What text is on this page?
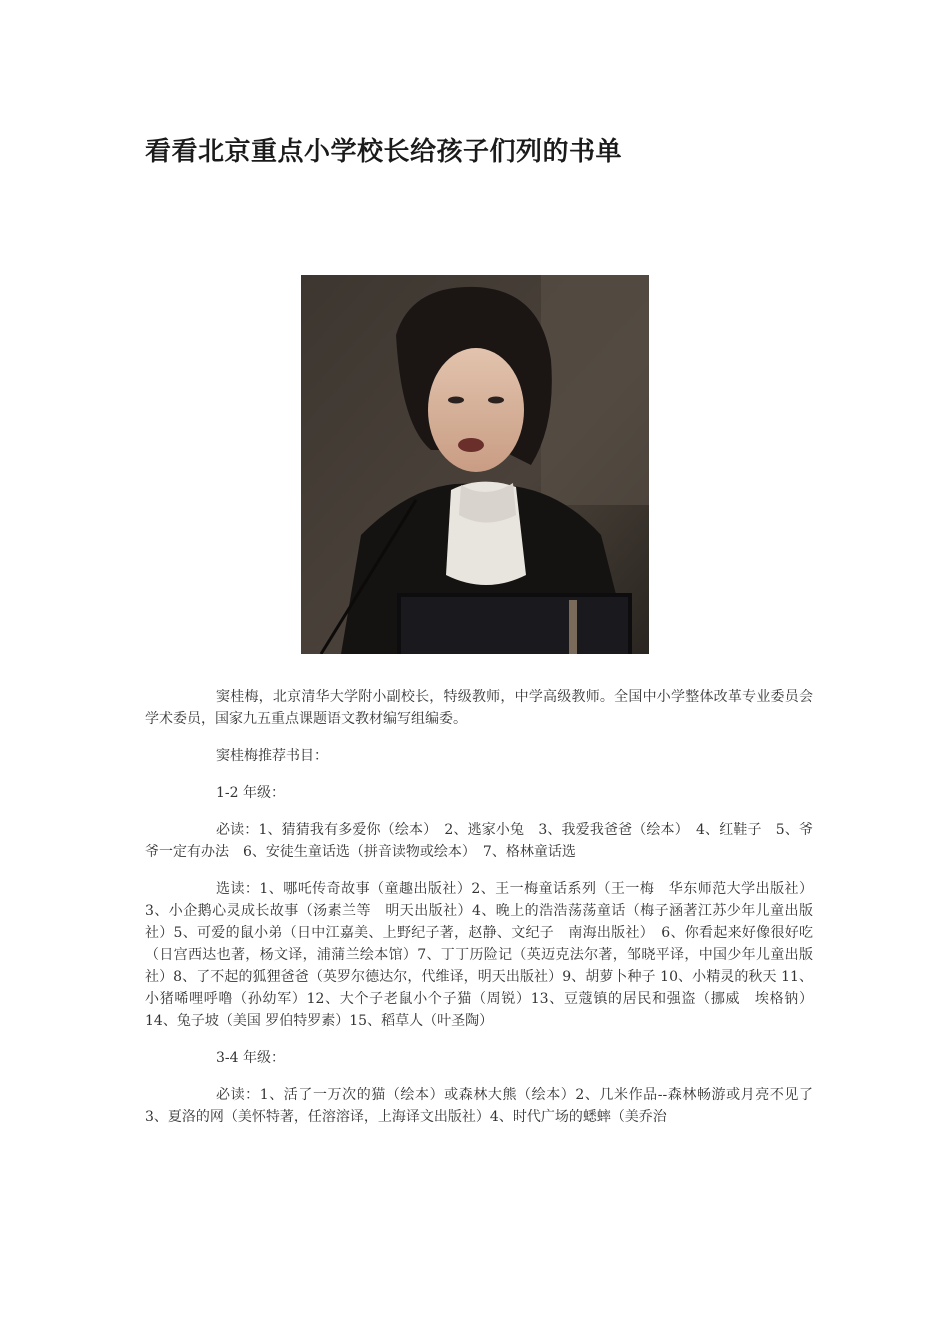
看看北京重点小学校长给孩子们列的书单

窦桂梅，北京清华大学附小副校长，特级教师，中学高级教师。全国中小学整体改革专业委员会学术委员，国家九五重点课题语文教材编写组编委。

窦桂梅推荐书目：

1-2 年级：

必读：1、猜猜我有多爱你（绘本）　2、逃家小兔　3、我爱我爸爸（绘本）　4、红鞋子　5、爷爷一定有办法　6、安徒生童话选（拼音读物或绘本）　7、格林童话选

选读：1、哪吒传奇故事（童趣出版社）2、王一梅童话系列（王一梅　华东师范大学出版社）3、小企鹅心灵成长故事（汤素兰等　明天出版社）4、晚上的浩浩荡荡童话（梅子涵著江苏少年儿童出版社）5、可爱的鼠小弟（日中江嘉美、上野纪子著，赵静、文纪子　南海出版社）　6、你看起来好像很好吃（日宫西达也著，杨文译，浦蒲兰绘本馆）7、丁丁历险记（英迈克法尔著，邹晓平译，中国少年儿童出版社）8、了不起的狐狸爸爸（英罗尔德达尔，代维译，明天出版社）9、胡萝卜种子 10、小精灵的秋天 11、小猪唏哩呼噜（孙幼军）12、大个子老鼠小个子猫（周锐）13、豆蔻镇的居民和强盗（挪威　埃格钠）14、兔子坡（美国 罗伯特罗素）15、稻草人（叶圣陶）

3-4 年级：

必读：1、活了一万次的猫（绘本）或森林大熊（绘本）2、几米作品--森林畅游或月亮不见了　3、夏洛的网（美怀特著，任溶溶译，上海译文出版社）4、时代广场的蟋蟀（美乔治
